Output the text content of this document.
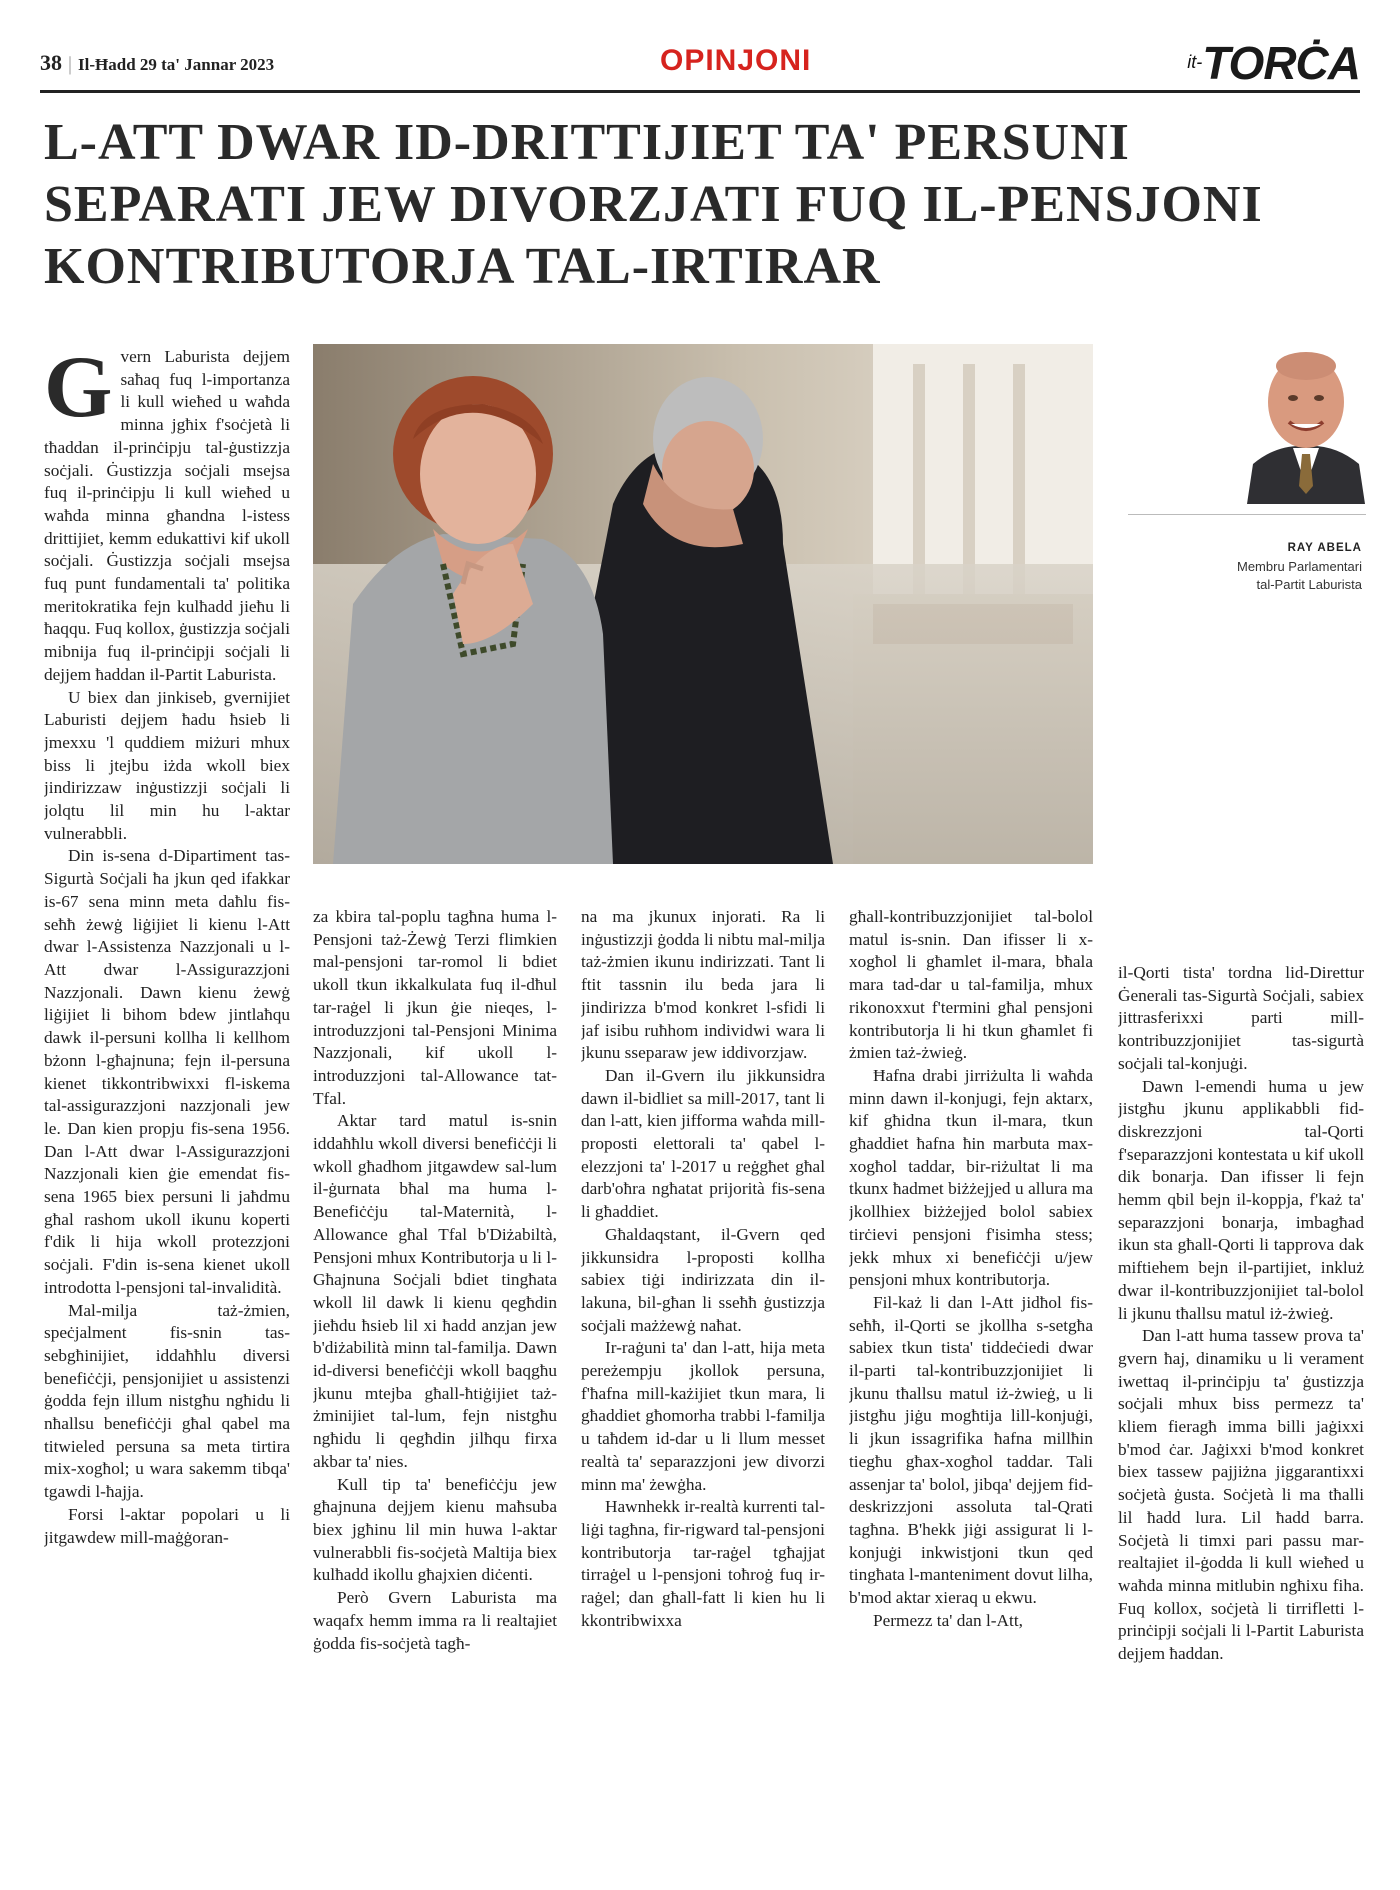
38 | Il-Ħadd 29 ta' Jannar 2023	OPINJONI	it-TORĊA
L-ATT DWAR ID-DRITTIJIET TA' PERSUNI
SEPARATI JEW DIVORZJATI FUQ IL-PENSJONI
KONTRIBUTORJA TAL-IRTIRAR
RAY ABELA
Membru Parlamentari
tal-Partit Laburista

Gvern Laburista dejjem saħaq fuq l-importanza li kull wieħed u waħda minna jgħix f'soċjetà li tħaddan il-prinċipju tal-ġustizzja soċjali. Ġustizzja soċjali msejsa fuq il-prinċipju li kull wieħed u waħda minna għandna l-istess drittijiet, kemm edukattivi kif ukoll soċjali. Ġustizzja soċjali msejsa fuq punt fundamentali ta' politika meritokratika fejn kulħadd jieħu li ħaqqu. Fuq kollox, ġustizzja soċjali mibnija fuq il-prinċipji soċjali li dejjem ħaddan il-Partit Laburista.

U biex dan jinkiseb, gvernijiet Laburisti dejjem ħadu ħsieb li jmexxu 'l quddiem miżuri mhux biss li jtejbu iżda wkoll biex jindirizzaw inġustizzji soċjali li jolqtu lil min hu l-aktar vulnerabbli.

Din is-sena d-Dipartiment tas-Sigurtà Soċjali ħa jkun qed ifakkar is-67 sena minn meta daħlu fis-seħħ żewġ liġijiet li kienu l-Att dwar l-Assistenza Nazzjonali u l-Att dwar l-Assigurazzjoni Nazzjonali. Dawn kienu żewġ liġijiet li bihom bdew jintlaħqu dawk il-persuni kollha li kellhom bżonn l-għajnuna; fejn il-persuna kienet tikkontribwixxi fl-iskema tal-assigurazzjoni nazzjonali jew le. Dan kien propju fis-sena 1956. Dan l-Att dwar l-Assigurazzjoni Nazzjonali kien ġie emendat fis-sena 1965 biex persuni li jaħdmu għal rashom ukoll ikunu koperti f'dik li hija wkoll protezzjoni soċjali. F'din is-sena kienet ukoll introdotta l-pensjoni tal-invalidità.

Mal-milja taż-żmien, speċjalment fis-snin tas-sebgħinijiet, iddaħħlu diversi benefiċċji, pensjonijiet u assistenzi ġodda fejn illum nistgħu ngħidu li nħallsu benefiċċji għal qabel ma titwieled persuna sa meta tirtira mix-xogħol; u wara sakemm tibqa' tgawdi l-ħajja.

Forsi l-aktar popolari u li jitgawdew mill-maġġoran-

za kbira tal-poplu tagħna huma l-Pensjoni taż-Żewġ Terzi flimkien mal-pensjoni tar-romol li bdiet ukoll tkun ikkalkulata fuq il-dħul tar-raġel li jkun ġie nieqes, l-introduzzjoni tal-Pensjoni Minima Nazzjonali, kif ukoll l-introduzzjoni tal-Allowance tat-Tfal.

Aktar tard matul is-snin iddaħħlu wkoll diversi benefiċċji li wkoll għadhom jitgawdew sal-lum il-ġurnata bħal ma huma l-Benefiċċju tal-Maternità, l-Allowance għal Tfal b'Diżabiltà, Pensjoni mhux Kontributorja u li l-Għajnuna Soċjali bdiet tingħata wkoll lil dawk li kienu qegħdin jieħdu ħsieb lil xi ħadd anzjan jew b'diżabilità minn tal-familja. Dawn id-diversi benefiċċji wkoll baqgħu jkunu mtejba għall-ħtiġijiet taż-żminijiet tal-lum, fejn nistgħu ngħidu li qegħdin jilħqu firxa akbar ta' nies.

Kull tip ta' benefiċċju jew għajnuna dejjem kienu maħsuba biex jgħinu lil min huwa l-aktar vulnerabbli fis-soċjetà Maltija biex kulħadd ikollu għajxien diċenti.

Però Gvern Laburista ma waqafx hemm imma ra li realtajiet ġodda fis-soċjetà tagħ-

na ma jkunux injorati. Ra li inġustizzji ġodda li nibtu mal-milja taż-żmien ikunu indirizzati. Tant li ftit tassnin ilu beda jara li jindirizza b'mod konkret l-sfidi li jaf isibu ruħhom individwi wara li jkunu sseparaw jew iddivorzjaw.

Dan il-Gvern ilu jikkunsidra dawn il-bidliet sa mill-2017, tant li dan l-att, kien jifforma waħda mill-proposti elettorali ta' qabel l-elezzjoni ta' l-2017 u reġgħet għal darb'oħra ngħatat prijorità fis-sena li għaddiet.

Għaldaqstant, il-Gvern qed jikkunsidra l-proposti kollha sabiex tiġi indirizzata din il-lakuna, bil-għan li sseħħ ġustizzja soċjali mażżewġ naħat.

Ir-raġuni ta' dan l-att, hija meta pereżempju jkollok persuna, f'ħafna mill-każijiet tkun mara, li għaddiet għomorha trabbi l-familja u taħdem id-dar u li llum messet realtà ta' separazzjoni jew divorzi minn ma' żewġha.

Hawnhekk ir-realtà kurrenti tal-liġi tagħna, fir-rigward tal-pensjoni kontributorja tar-raġel tgħajjat tirraġel u l-pensjoni toħroġ fuq ir-raġel; dan għall-fatt li kien hu li kkontribwixxa

għall-kontribuzzjonijiet tal-bolol matul is-snin. Dan ifisser li x-xogħol li għamlet il-mara, bħala mara tad-dar u tal-familja, mhux rikonoxxut f'termini għal pensjoni kontributorja li hi tkun għamlet fi żmien taż-żwieġ.

Ħafna drabi jirriżulta li waħda minn dawn il-konjugi, fejn aktarx, kif għidna tkun il-mara, tkun għaddiet ħafna ħin marbuta max-xogħol taddar, bir-riżultat li ma tkunx ħadmet biżżejjed u allura ma jkollhiex biżżejjed bolol sabiex tirċievi pensjoni f'isimha stess; jekk mhux xi benefiċċji u/jew pensjoni mhux kontributorja.

Fil-każ li dan l-Att jidħol fis-seħħ, il-Qorti se jkollha s-setgħa sabiex tkun tista' tiddeċiedi dwar il-parti tal-kontribuzzjonijiet li jkunu tħallsu matul iż-żwieġ, u li jistgħu jiġu mogħtija lill-konjuġi, li jkun issagrifika ħafna millħin tiegħu għax-xogħol taddar. Tali assenjar ta' bolol, jibqa' dejjem fid-deskrizzjoni assoluta tal-Qrati tagħna. B'hekk jiġi assigurat li l-konjuġi inkwistjoni tkun qed tingħata l-manteniment dovut lilha, b'mod aktar xieraq u ekwu.

Permezz ta' dan l-Att,

il-Qorti tista' tordna lid-Direttur Ġenerali tas-Sigurtà Soċjali, sabiex jittrasferixxi parti mill-kontribuzzjonijiet tas-sigurtà soċjali tal-konjuġi.

Dawn l-emendi huma u jew jistgħu jkunu applikabbli fid-diskrezzjoni tal-Qorti f'separazzjoni kontestata u kif ukoll dik bonarja. Dan ifisser li fejn hemm qbil bejn il-koppja, f'każ ta' separazzjoni bonarja, imbagħad ikun sta għall-Qorti li tapprova dak miftiehem bejn il-partijiet, inkluż dwar il-kontribuzzjonijiet tal-bolol li jkunu tħallsu matul iż-żwieġ.

Dan l-att huma tassew prova ta' gvern ħaj, dinamiku u li verament iwettaq il-prinċipju ta' ġustizzja soċjali mhux biss permezz ta' kliem fieragħ imma billi jaġixxi b'mod ċar. Jaġixxi b'mod konkret biex tassew pajjiżna jiggarantixxi soċjetà ġusta. Soċjetà li ma tħalli lil ħadd lura. Lil ħadd barra. Soċjetà li timxi pari passu mar-realtajiet il-ġodda li kull wieħed u waħda minna mitlubin ngħixu fiha. Fuq kollox, soċjetà li tirrifletti l-prinċipji soċjali li l-Partit Laburista dejjem ħaddan.
